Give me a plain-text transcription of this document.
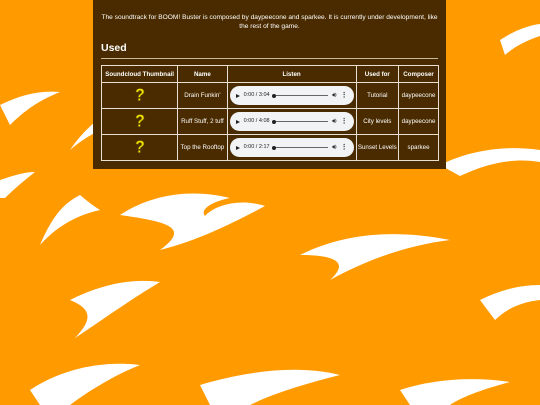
The soundtrack for BOOM! Buster is composed by daypeecone and sparkee. It is currently under development, like the rest of the game.

Used
Soundcloud Thumbnail	Name	Listen	Used for	Composer
	Drain Funkin'	0:00 / 3:04 🔊︎ ⋮	Tutorial	daypeecone
	Ruff Stuff, 2 tuff	0:00 / 4:08 🔊︎ ⋮	City levels	daypeecone
	Top the Rooftop	0:00 / 2:17 🔊︎ ⋮	Sunset Levels	sparkee
